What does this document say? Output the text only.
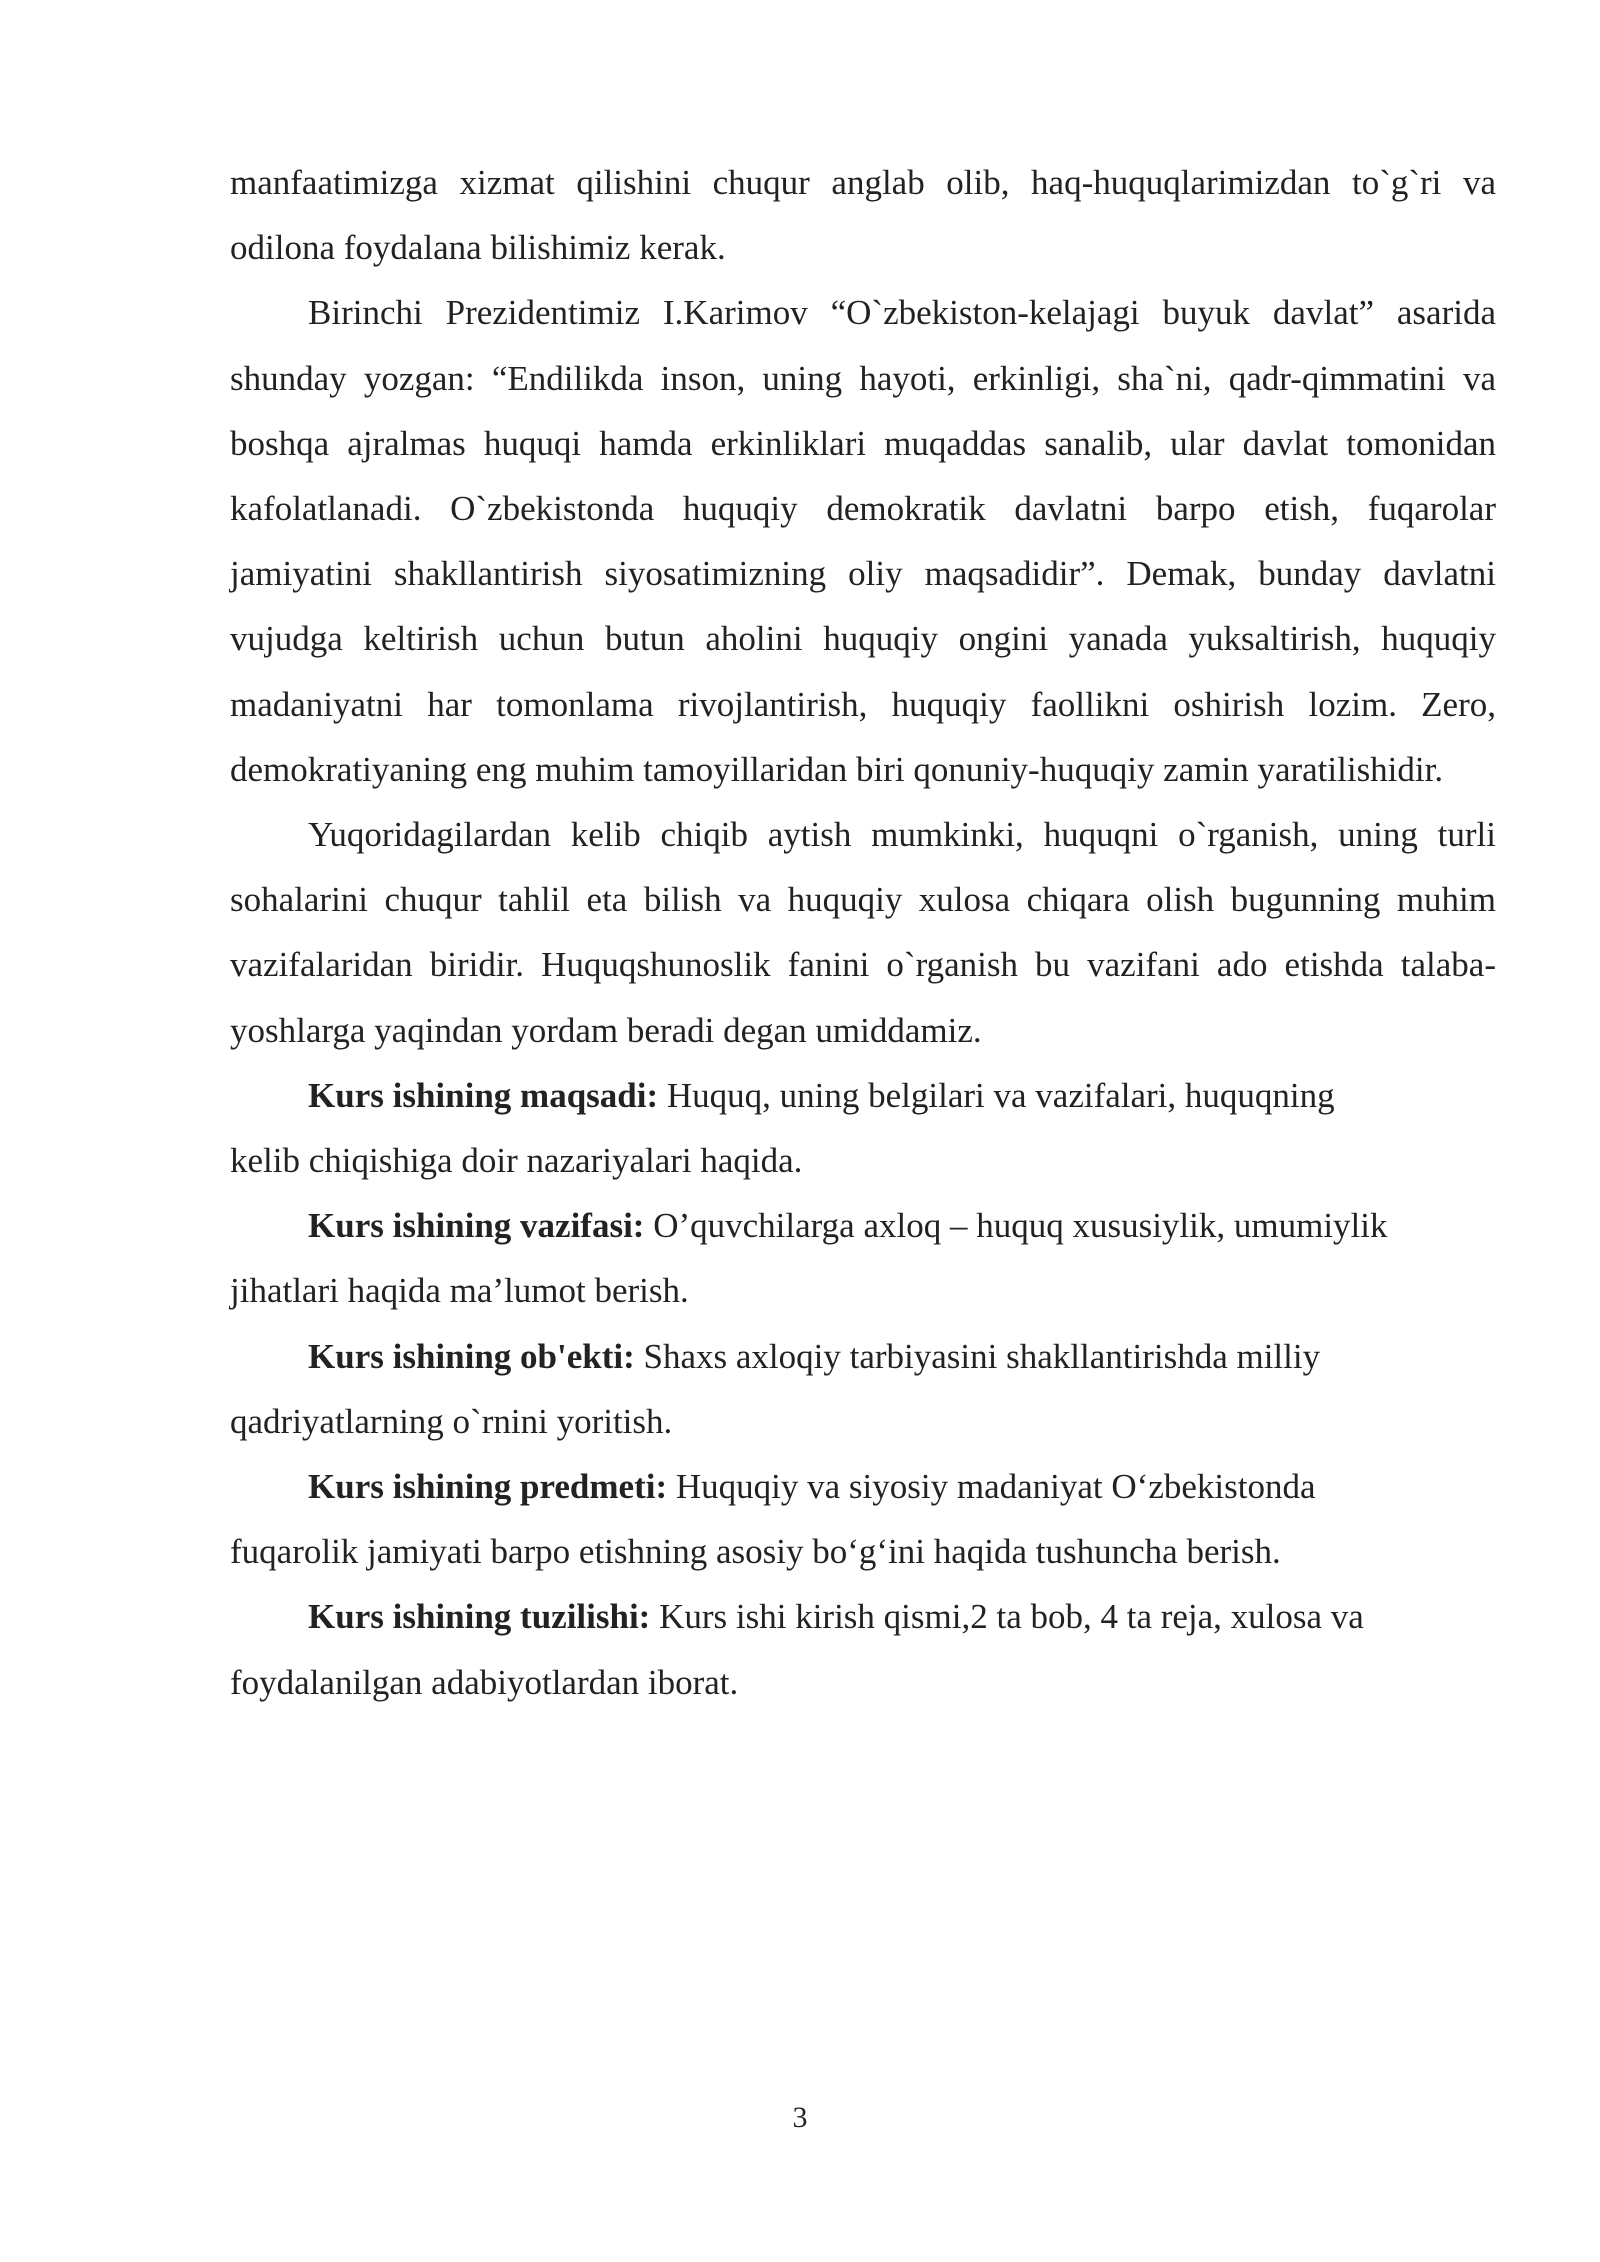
manfaatimizga xizmat qilishini chuqur anglab olib, haq-huquqlarimizdan to`g`ri va odilona foydalana bilishimiz kerak.

Birinchi Prezidentimiz I.Karimov “O`zbekiston-kelajagi buyuk davlat” asarida shunday yozgan: “Endilikda inson, uning hayoti, erkinligi, sha`ni, qadr-qimmatini va boshqa ajralmas huquqi hamda erkinliklari muqaddas sanalib, ular davlat tomonidan kafolatlanadi. O`zbekistonda huquqiy demokratik davlatni barpo etish, fuqarolar jamiyatini shakllantirish siyosatimizning oliy maqsadidir”. Demak, bunday davlatni vujudga keltirish uchun butun aholini huquqiy ongini yanada yuksaltirish, huquqiy madaniyatni har tomonlama rivojlantirish, huquqiy faollikni oshirish lozim. Zero, demokratiyaning eng muhim tamoyillaridan biri qonuniy-huquqiy zamin yaratilishidir.

Yuqoridagilardan kelib chiqib aytish mumkinki, huquqni o`rganish, uning turli sohalarini chuqur tahlil eta bilish va huquqiy xulosa chiqara olish bugunning muhim vazifalaridan biridir. Huquqshunoslik fanini o`rganish bu vazifani ado etishda talaba-yoshlarga yaqindan yordam beradi degan umiddamiz.

Kurs ishining maqsadi: Huquq, uning belgilari va vazifalari, huquqning

kelib chiqishiga doir nazariyalari haqida.

Kurs ishining vazifasi: O’quvchilarga axloq – huquq xususiylik, umumiylik

jihatlari haqida ma’lumot berish.

Kurs ishining ob'ekti: Shaxs axloqiy tarbiyasini shakllantirishda milliy

qadriyatlarning o`rnini yoritish.

Kurs ishining predmeti: Huquqiy va siyosiy madaniyat O‘zbekistonda

fuqarolik jamiyati barpo etishning asosiy bo‘g‘ini haqida tushuncha berish.

Kurs ishining tuzilishi: Kurs ishi kirish qismi,2 ta bob, 4 ta reja, xulosa va

foydalanilgan adabiyotlardan iborat.

3
